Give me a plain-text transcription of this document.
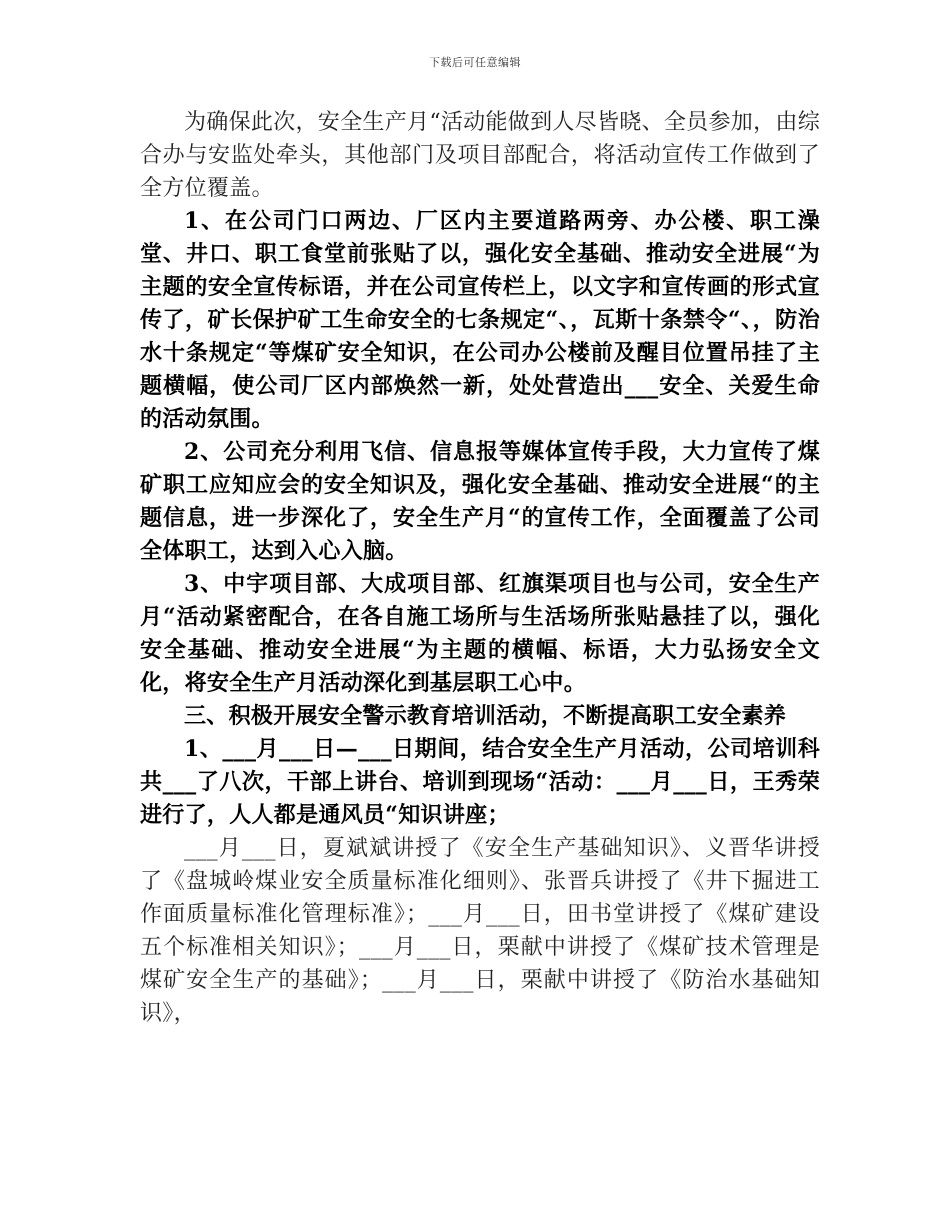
下载后可任意编辑

为确保此次，安全生产月“活动能做到人尽皆晓、全员参加，由综合办与安监处牵头，其他部门及项目部配合，将活动宣传工作做到了全方位覆盖。

1、在公司门口两边、厂区内主要道路两旁、办公楼、职工澡堂、井口、职工食堂前张贴了以，强化安全基础、推动安全进展“为主题的安全宣传标语，并在公司宣传栏上，以文字和宣传画的形式宣传了，矿长保护矿工生命安全的七条规定“、，瓦斯十条禁令“、，防治水十条规定“等煤矿安全知识，在公司办公楼前及醒目位置吊挂了主题横幅，使公司厂区内部焕然一新，处处营造出___安全、关爱生命的活动氛围。

2、公司充分利用飞信、信息报等媒体宣传手段，大力宣传了煤矿职工应知应会的安全知识及，强化安全基础、推动安全进展“的主题信息，进一步深化了，安全生产月“的宣传工作，全面覆盖了公司全体职工，达到入心入脑。

3、中宇项目部、大成项目部、红旗渠项目也与公司，安全生产月“活动紧密配合，在各自施工场所与生活场所张贴悬挂了以，强化安全基础、推动安全进展“为主题的横幅、标语，大力弘扬安全文化，将安全生产月活动深化到基层职工心中。

三、积极开展安全警示教育培训活动，不断提高职工安全素养

1、___月___日—___日期间，结合安全生产月活动，公司培训科共___了八次，干部上讲台、培训到现场“活动：___月___日，王秀荣进行了，人人都是通风员“知识讲座；

___月___日，夏斌斌讲授了《安全生产基础知识》、义晋华讲授了《盘城岭煤业安全质量标准化细则》、张晋兵讲授了《井下掘进工作面质量标准化管理标准》；___月___日，田书堂讲授了《煤矿建设五个标准相关知识》；___月___日，栗献中讲授了《煤矿技术管理是煤矿安全生产的基础》；___月___日，栗献中讲授了《防治水基础知识》，
